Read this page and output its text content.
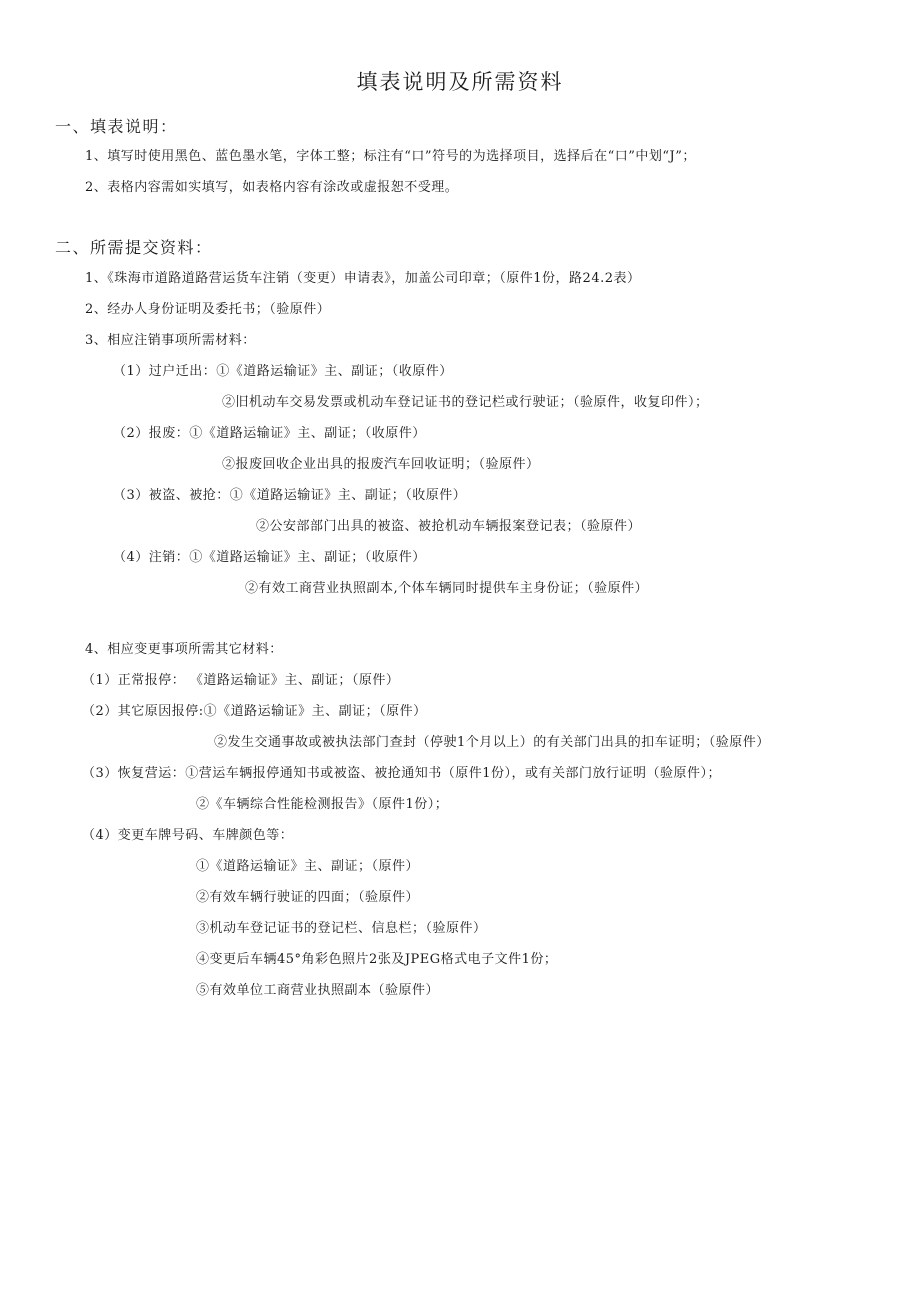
填表说明及所需资料
一、填表说明：
1、填写时使用黑色、蓝色墨水笔，字体工整；标注有“口”符号的为选择项目，选择后在“口”中划“J”；
2、表格内容需如实填写，如表格内容有涂改或虚报恕不受理。
二、所需提交资料：
1、《珠海市道路道路营运货车注销（变更）申请表》，加盖公司印章；（原件1份，路24.2表）
2、经办人身份证明及委托书；（验原件）
3、相应注销事项所需材料：
（1）过户迁出：①《道路运输证》主、副证；（收原件）
②旧机动车交易发票或机动车登记证书的登记栏或行驶证；（验原件，收复印件）；
（2）报废：①《道路运输证》主、副证；（收原件）
②报废回收企业出具的报废汽车回收证明；（验原件）
（3）被盗、被抢：①《道路运输证》主、副证；（收原件）
②公安部部门出具的被盗、被抢机动车辆报案登记表；（验原件）
（4）注销：①《道路运输证》主、副证；（收原件）
②有效工商营业执照副本,个体车辆同时提供车主身份证；（验原件）
4、相应变更事项所需其它材料：
（1）正常报停： 《道路运输证》主、副证；（原件）
（2）其它原因报停:①《道路运输证》主、副证；（原件）
②发生交通事故或被执法部门查封（停驶1个月以上）的有关部门出具的扣车证明；（验原件）
（3）恢复营运：①营运车辆报停通知书或被盗、被抢通知书（原件1份），或有关部门放行证明（验原件）；
②《车辆综合性能检测报告》（原件1份）；
（4）变更车牌号码、车牌颜色等：
①《道路运输证》主、副证；（原件）
②有效车辆行驶证的四面；（验原件）
③机动车登记证书的登记栏、信息栏；（验原件）
④变更后车辆45°角彩色照片2张及JPEG格式电子文件1份；
⑤有效单位工商营业执照副本（验原件）
